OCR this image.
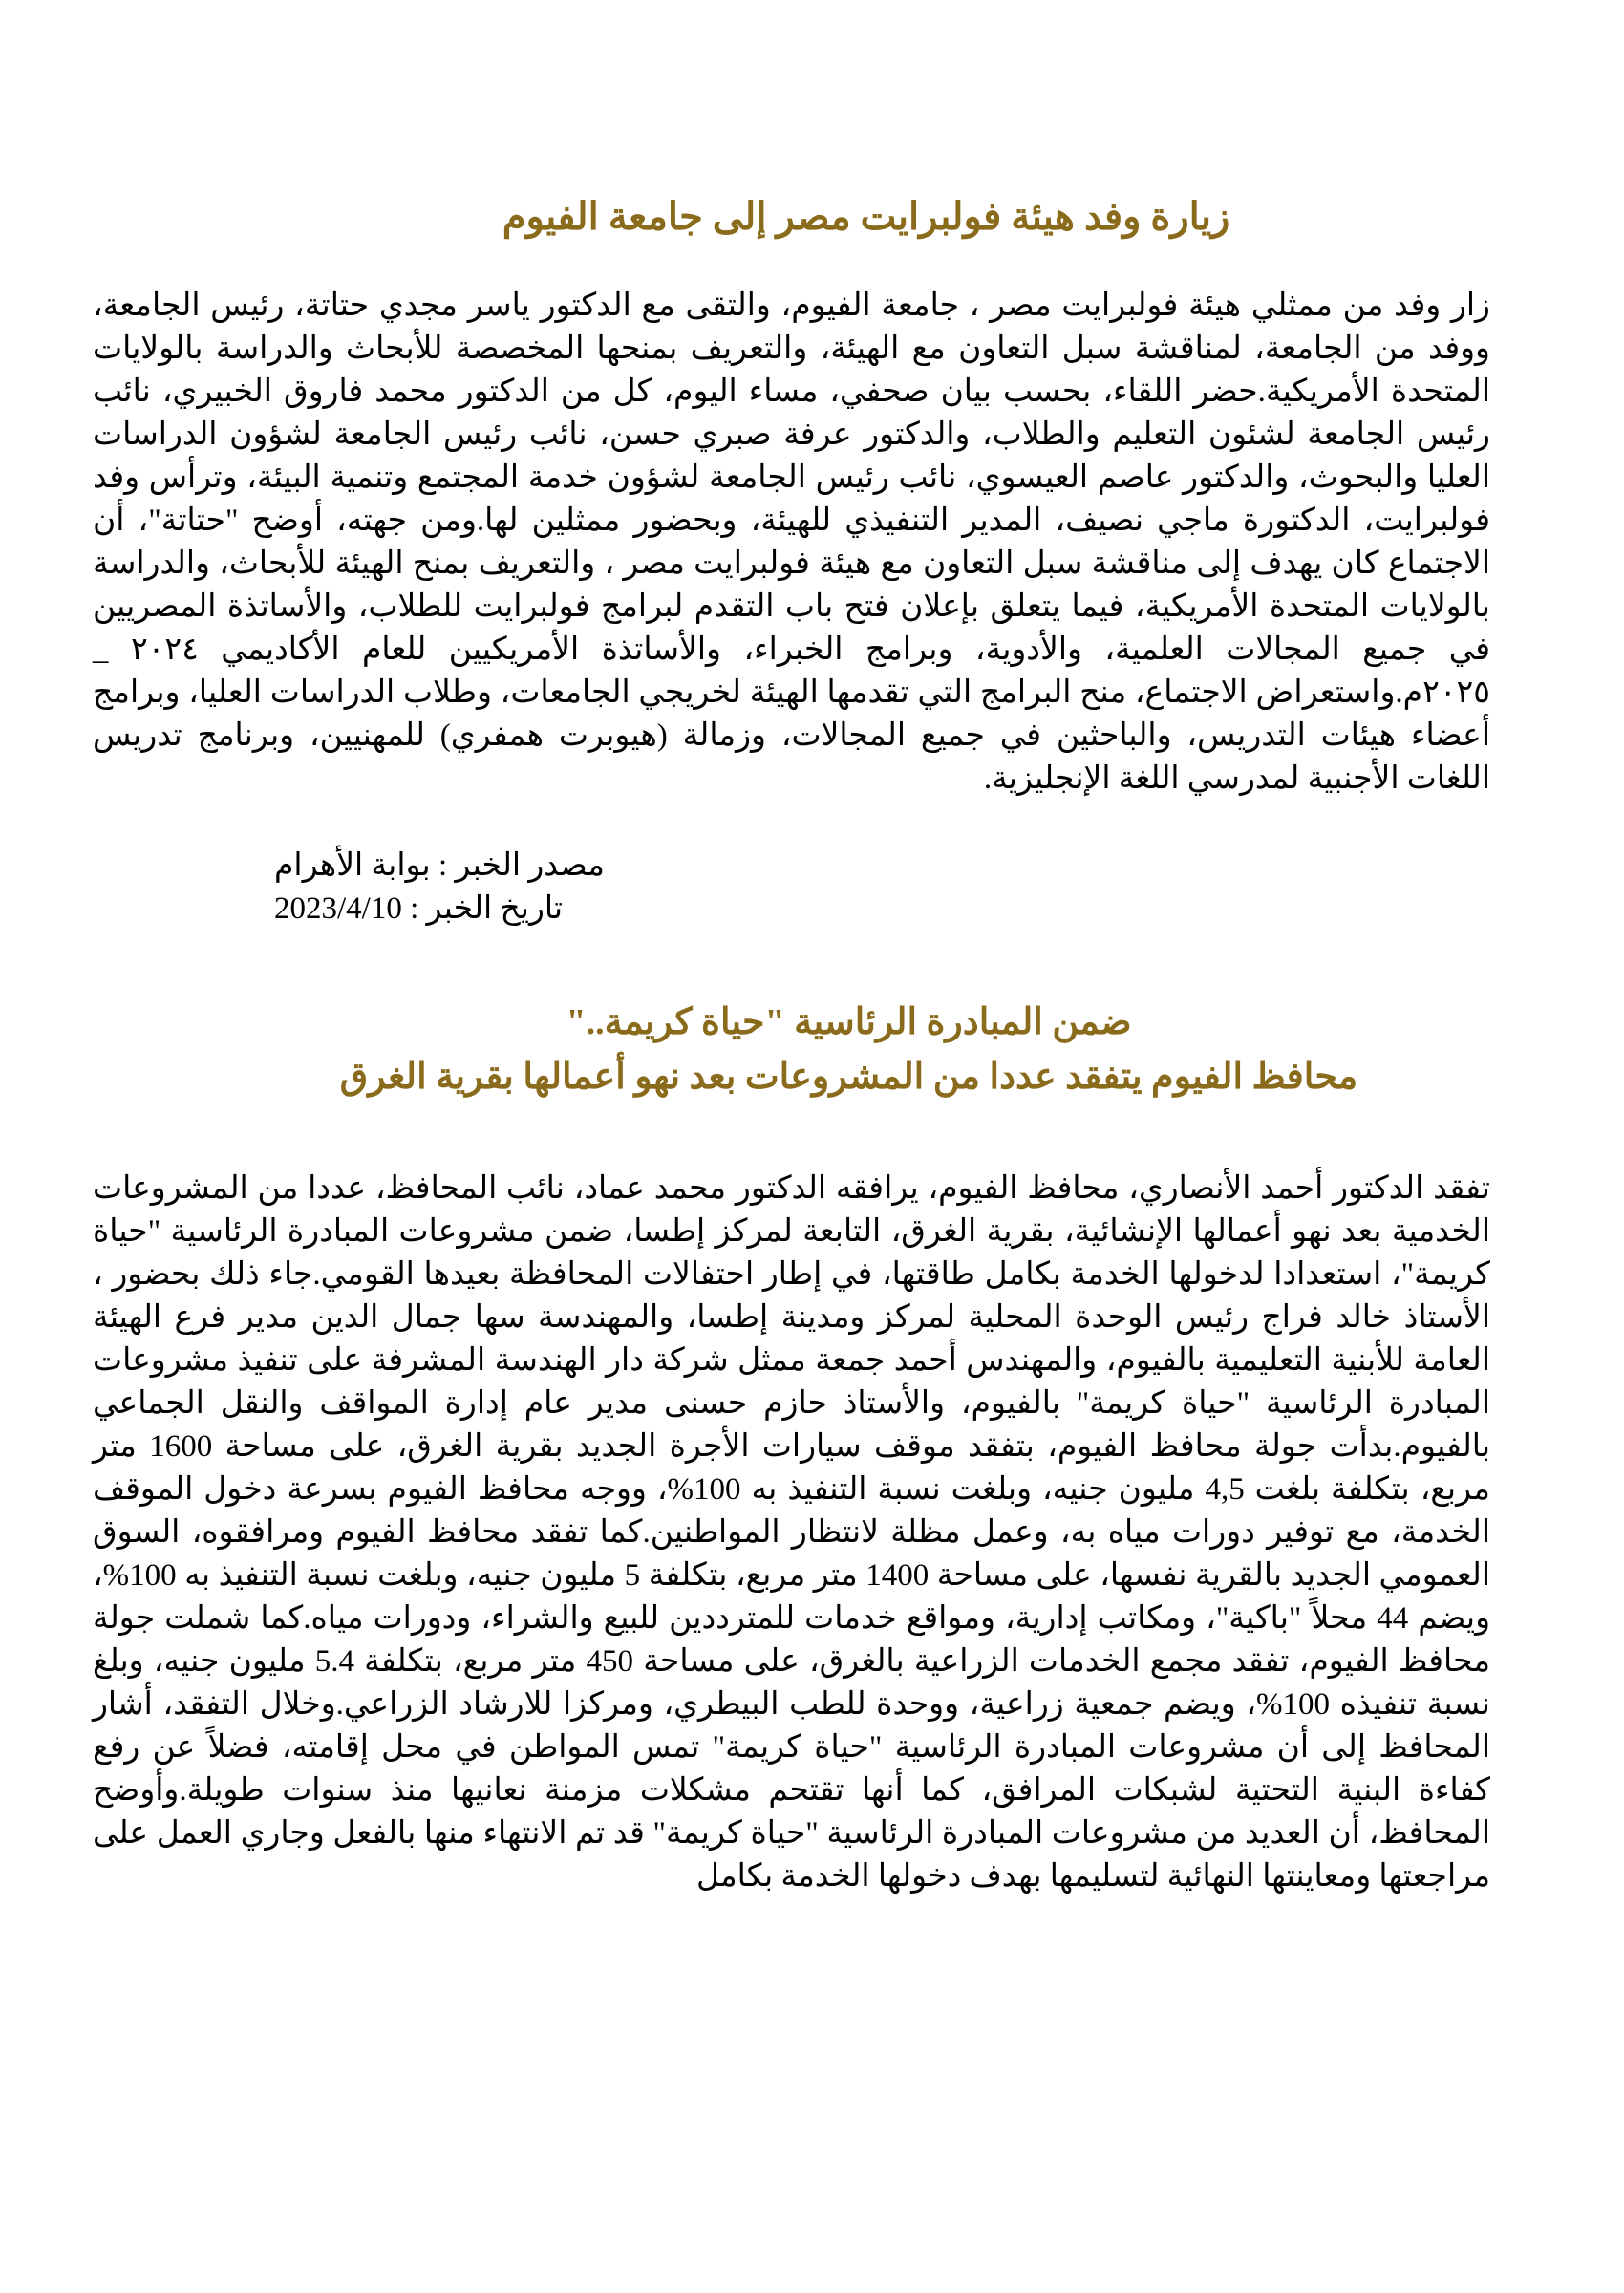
زيارة وفد هيئة فولبرايت مصر إلى جامعة الفيوم

زار وفد من ممثلي هيئة فولبرايت مصر ، جامعة الفيوم، والتقى مع الدكتور ياسر مجدي حتاتة، رئيس الجامعة، ووفد من الجامعة، لمناقشة سبل التعاون مع الهيئة، والتعريف بمنحها المخصصة للأبحاث والدراسة بالولايات المتحدة الأمريكية.حضر اللقاء، بحسب بيان صحفي، مساء اليوم، كل من الدكتور محمد فاروق الخبيري، نائب رئيس الجامعة لشئون التعليم والطلاب، والدكتور عرفة صبري حسن، نائب رئيس الجامعة لشؤون الدراسات العليا والبحوث، والدكتور عاصم العيسوي، نائب رئيس الجامعة لشؤون خدمة المجتمع وتنمية البيئة، وترأس وفد فولبرايت، الدكتورة ماجي نصيف، المدير التنفيذي للهيئة، وبحضور ممثلين لها.ومن جهته، أوضح "حتاتة"، أن الاجتماع كان يهدف إلى مناقشة سبل التعاون مع هيئة فولبرايت مصر ، والتعريف بمنح الهيئة للأبحاث، والدراسة بالولايات المتحدة الأمريكية، فيما يتعلق بإعلان فتح باب التقدم لبرامج فولبرايت للطلاب، والأساتذة المصريين في جميع المجالات العلمية، والأدوية، وبرامج الخبراء، والأساتذة الأمريكيين للعام الأكاديمي ٢٠٢٤ _ ٢٠٢٥م.واستعراض الاجتماع، منح البرامج التي تقدمها الهيئة لخريجي الجامعات، وطلاب الدراسات العليا، وبرامج أعضاء هيئات التدريس، والباحثين في جميع المجالات، وزمالة (هيوبرت همفري) للمهنيين، وبرنامج تدريس اللغات الأجنبية لمدرسي اللغة الإنجليزية.

مصدر الخبر : بوابة الأهرام
تاريخ الخبر : 2023/4/10
ضمن المبادرة الرئاسية "حياة كريمة.."
محافظ الفيوم يتفقد عددا من المشروعات بعد نهو أعمالها بقرية الغرق

تفقد الدكتور أحمد الأنصاري، محافظ الفيوم، يرافقه الدكتور محمد عماد، نائب المحافظ، عددا من المشروعات الخدمية بعد نهو أعمالها الإنشائية، بقرية الغرق، التابعة لمركز إطسا، ضمن مشروعات المبادرة الرئاسية "حياة كريمة"، استعدادا لدخولها الخدمة بكامل طاقتها، في إطار احتفالات المحافظة بعيدها القومي.جاء ذلك بحضور ، الأستاذ خالد فراج رئيس الوحدة المحلية لمركز ومدينة إطسا، والمهندسة سها جمال الدين مدير فرع الهيئة العامة للأبنية التعليمية بالفيوم، والمهندس أحمد جمعة ممثل شركة دار الهندسة المشرفة على تنفيذ مشروعات المبادرة الرئاسية "حياة كريمة" بالفيوم، والأستاذ حازم حسنى مدير عام إدارة المواقف والنقل الجماعي بالفيوم.بدأت جولة محافظ الفيوم، بتفقد موقف سيارات الأجرة الجديد بقرية الغرق، على مساحة 1600 متر مربع، بتكلفة بلغت 4,5 مليون جنيه، وبلغت نسبة التنفيذ به 100%، ووجه محافظ الفيوم بسرعة دخول الموقف الخدمة، مع توفير دورات مياه به، وعمل مظلة لانتظار المواطنين.كما تفقد محافظ الفيوم ومرافقوه، السوق العمومي الجديد بالقرية نفسها، على مساحة 1400 متر مربع، بتكلفة 5 مليون جنيه، وبلغت نسبة التنفيذ به 100%، ويضم 44 محلاً "باكية"، ومكاتب إدارية، ومواقع خدمات للمترددين للبيع والشراء، ودورات مياه.كما شملت جولة محافظ الفيوم، تفقد مجمع الخدمات الزراعية بالغرق، على مساحة 450 متر مربع، بتكلفة 5.4 مليون جنيه، وبلغ نسبة تنفيذه 100%، ويضم جمعية زراعية، ووحدة للطب البيطري، ومركزا للارشاد الزراعي.وخلال التفقد، أشار المحافظ إلى أن مشروعات المبادرة الرئاسية "حياة كريمة" تمس المواطن في محل إقامته، فضلاً عن رفع كفاءة البنية التحتية لشبكات المرافق، كما أنها تقتحم مشكلات مزمنة نعانيها منذ سنوات طويلة.وأوضح المحافظ، أن العديد من مشروعات المبادرة الرئاسية "حياة كريمة" قد تم الانتهاء منها بالفعل وجاري العمل على مراجعتها ومعاينتها النهائية لتسليمها بهدف دخولها الخدمة بكامل
